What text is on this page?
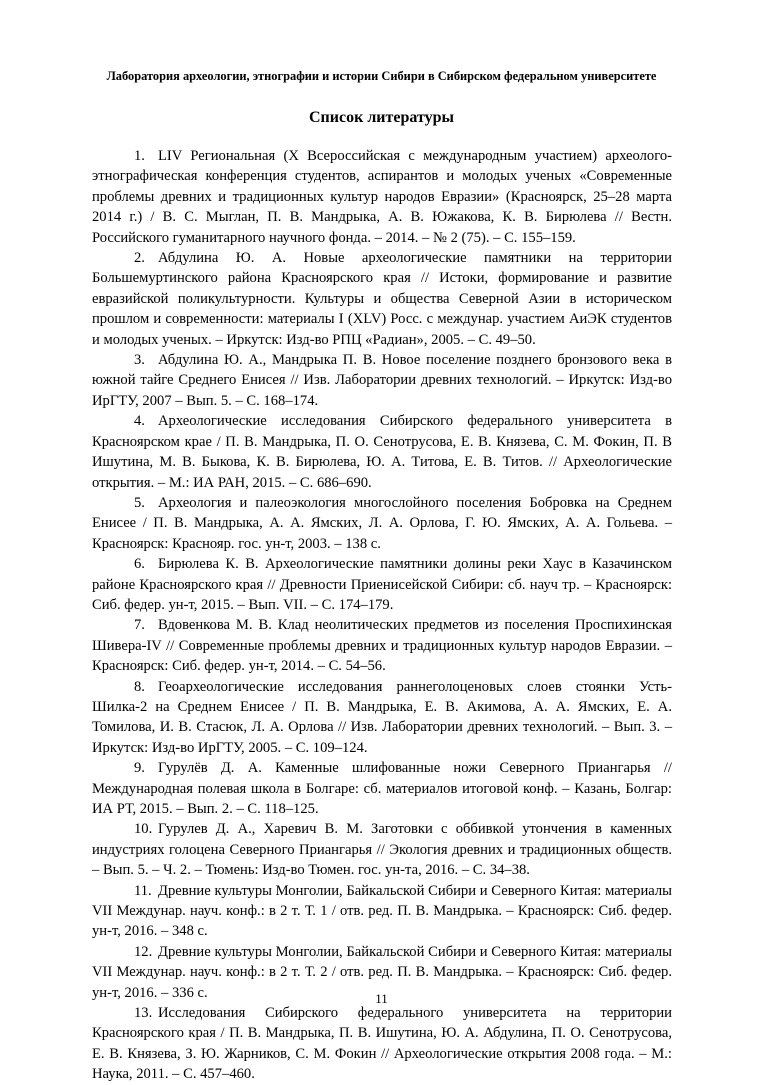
Лаборатория археологии, этнографии и истории Сибири в Сибирском федеральном университете
Список литературы
1. LIV Региональная (X Всероссийская с международным участием) археолого-этнографическая конференция студентов, аспирантов и молодых ученых «Современные проблемы древних и традиционных культур народов Евразии» (Красноярск, 25–28 марта 2014 г.) / В. С. Мыглан, П. В. Мандрыка, А. В. Южакова, К. В. Бирюлева // Вестн. Российского гуманитарного научного фонда. – 2014. – № 2 (75). – С. 155–159.
2. Абдулина Ю. А. Новые археологические памятники на территории Большемуртинского района Красноярского края // Истоки, формирование и развитие евразийской поликультурности. Культуры и общества Северной Азии в историческом прошлом и современности: материалы I (XLV) Росс. с междунар. участием АиЭК студентов и молодых ученых. – Иркутск: Изд-во РПЦ «Радиан», 2005. – С. 49–50.
3. Абдулина Ю. А., Мандрыка П. В. Новое поселение позднего бронзового века в южной тайге Среднего Енисея // Изв. Лаборатории древних технологий. – Иркутск: Изд-во ИрГТУ, 2007 – Вып. 5. – С. 168–174.
4. Археологические исследования Сибирского федерального университета в Красноярском крае / П. В. Мандрыка, П. О. Сенотрусова, Е. В. Князева, С. М. Фокин, П. В Ишутина, М. В. Быкова, К. В. Бирюлева, Ю. А. Титова, Е. В. Титов. // Археологические открытия. – М.: ИА РАН, 2015. – С. 686–690.
5. Археология и палеоэкология многослойного поселения Бобровка на Среднем Енисее / П. В. Мандрыка, А. А. Ямских, Л. А. Орлова, Г. Ю. Ямских, А. А. Гольева. – Красноярск: Краснояр. гос. ун-т, 2003. – 138 с.
6. Бирюлева К. В. Археологические памятники долины реки Хаус в Казачинском районе Красноярского края // Древности Приенисейской Сибири: сб. науч тр. – Красноярск: Сиб. федер. ун-т, 2015. – Вып. VII. – С. 174–179.
7. Вдовенкова М. В. Клад неолитических предметов из поселения Проспихинская Шивера-IV // Современные проблемы древних и традиционных культур народов Евразии. – Красноярск: Сиб. федер. ун-т, 2014. – С. 54–56.
8. Геоархеологические исследования раннеголоценовых слоев стоянки Усть-Шилка-2 на Среднем Енисее / П. В. Мандрыка, Е. В. Акимова, А. А. Ямских, Е. А. Томилова, И. В. Стасюк, Л. А. Орлова // Изв. Лаборатории древних технологий. – Вып. 3. – Иркутск: Изд-во ИрГТУ, 2005. – С. 109–124.
9. Гурулёв Д. А. Каменные шлифованные ножи Северного Приангарья // Международная полевая школа в Болгаре: сб. материалов итоговой конф. – Казань, Болгар: ИА РТ, 2015. – Вып. 2. – С. 118–125.
10. Гурулев Д. А., Харевич В. М. Заготовки с оббивкой утончения в каменных индустриях голоцена Северного Приангарья // Экология древних и традиционных обществ. – Вып. 5. – Ч. 2. – Тюмень: Изд-во Тюмен. гос. ун-та, 2016. – С. 34–38.
11. Древние культуры Монголии, Байкальской Сибири и Северного Китая: материалы VII Междунар. науч. конф.: в 2 т. Т. 1 / отв. ред. П. В. Мандрыка. – Красноярск: Сиб. федер. ун-т, 2016. – 348 с.
12. Древние культуры Монголии, Байкальской Сибири и Северного Китая: материалы VII Междунар. науч. конф.: в 2 т. Т. 2 / отв. ред. П. В. Мандрыка. – Красноярск: Сиб. федер. ун-т, 2016. – 336 с.
13. Исследования Сибирского федерального университета на территории Красноярского края / П. В. Мандрыка, П. В. Ишутина, Ю. А. Абдулина, П. О. Сенотрусова, Е. В. Князева, З. Ю. Жарников, С. М. Фокин // Археологические открытия 2008 года. – М.: Наука, 2011. – С. 457–460.
11
